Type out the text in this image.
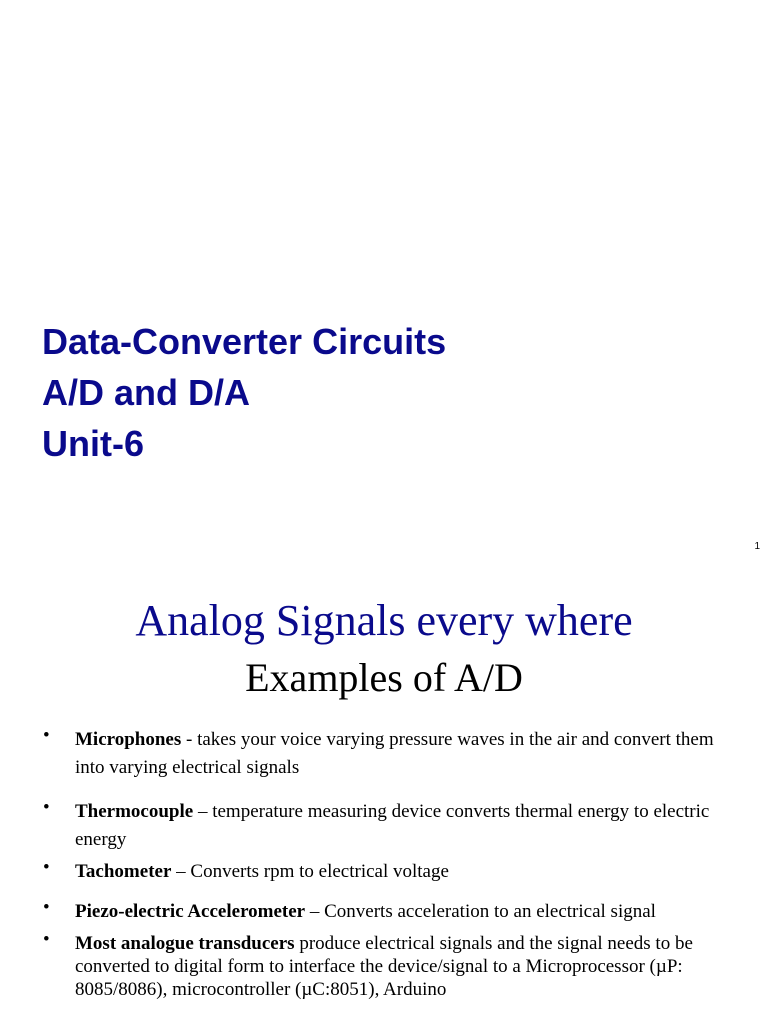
Data-Converter Circuits
A/D and D/A
Unit-6
1
Analog Signals every where
Examples of A/D
• Microphones - takes your voice varying pressure waves in the air and convert them into varying electrical signals
• Thermocouple – temperature measuring device converts thermal energy to electric energy
• Tachometer – Converts rpm to electrical voltage
• Piezo-electric Accelerometer – Converts acceleration to an electrical signal
• Most analogue transducers produce electrical signals and the signal needs to be converted to digital form to interface the device/signal to a Microprocessor (µP: 8085/8086), microcontroller (µC:8051), Arduino
